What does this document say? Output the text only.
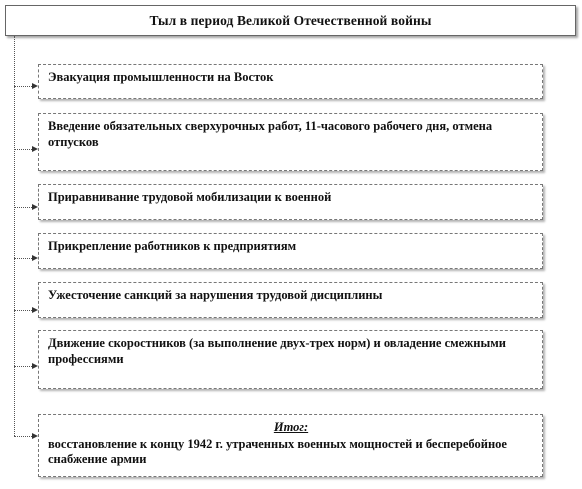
Тыл в период Великой Отечественной войны
Эвакуация промышленности на Восток
Введение обязательных сверхурочных работ, 11-часового рабочего дня, отмена отпусков
Приравнивание трудовой мобилизации к военной
Прикрепление работников к предприятиям
Ужесточение санкций за нарушения трудовой дисциплины
Движение скоростников (за выполнение двух-трех норм) и овладение смежными профессиями
Итог:
восстановление к концу 1942 г. утраченных военных мощностей и бесперебойное снабжение армии
